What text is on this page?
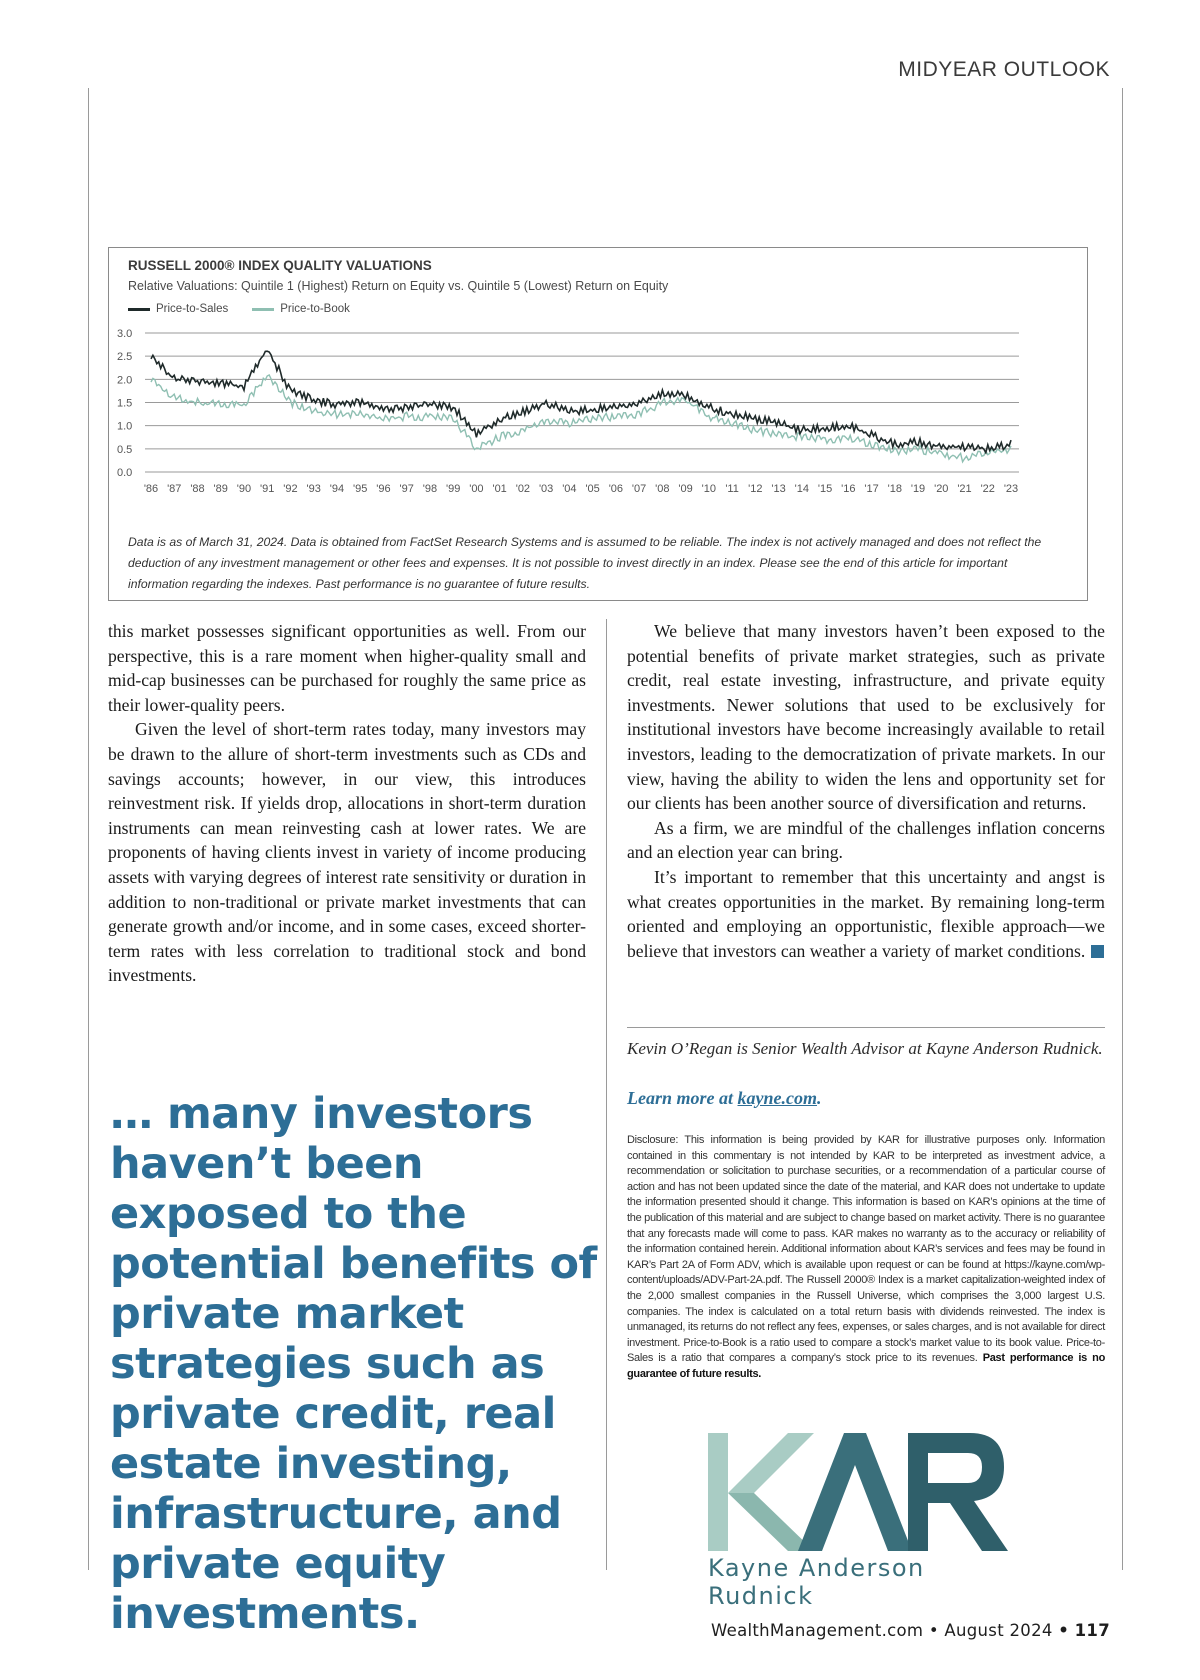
MIDYEAR OUTLOOK
RUSSELL 2000® INDEX QUALITY VALUATIONS
Relative Valuations: Quintile 1 (Highest) Return on Equity vs. Quintile 5 (Lowest) Return on Equity
Price-to-Sales	Price-to-Book
3.0
2.5
2.0
1.5
1.0
0.5
0.0
'86 '87 '88 '89 '90 '91 '92 '93 '94 '95 '96 '97 '98 '99 '00 '01 '02 '03 '04 '05 '06 '07 '08 '09 '10 '11 '12 '13 '14 '15 '16 '17 '18 '19 '20 '21 '22 '23
Data is as of March 31, 2024. Data is obtained from FactSet Research Systems and is assumed to be reliable. The index is not actively managed and does not reflect the deduction of any investment management or other fees and expenses. It is not possible to invest directly in an index. Please see the end of this article for important information regarding the indexes. Past performance is no guarantee of future results.

this market possesses significant opportunities as well. From our perspective, this is a rare moment when higher-quality small and mid-cap businesses can be purchased for roughly the same price as their lower-quality peers.

Given the level of short-term rates today, many investors may be drawn to the allure of short-term investments such as CDs and savings accounts; however, in our view, this introduces reinvestment risk. If yields drop, allocations in short-term duration instruments can mean reinvesting cash at lower rates. We are proponents of having clients invest in variety of income producing assets with varying degrees of interest rate sensitivity or duration in addition to non-traditional or private market investments that can generate growth and/or income, and in some cases, exceed shorter-term rates with less correlation to traditional stock and bond investments.

We believe that many investors haven’t been exposed to the potential benefits of private market strategies, such as private credit, real estate investing, infrastructure, and private equity investments. Newer solutions that used to be exclusively for institutional investors have become increasingly available to retail investors, leading to the democratization of private markets. In our view, having the ability to widen the lens and opportunity set for our clients has been another source of diversification and returns.

As a firm, we are mindful of the challenges inflation concerns and an election year can bring.

It’s important to remember that this uncertainty and angst is what creates opportunities in the market. By remaining long-term oriented and employing an opportunistic, flexible approach—we believe that investors can weather a variety of market conditions.

Kevin O’Regan is Senior Wealth Advisor at Kayne Anderson Rudnick.
Learn more at kayne.com.
Disclosure: This information is being provided by KAR for illustrative purposes only. Information contained in this commentary is not intended by KAR to be interpreted as investment advice, a recommendation or solicitation to purchase securities, or a recommendation of a particular course of action and has not been updated since the date of the material, and KAR does not undertake to update the information presented should it change. This information is based on KAR’s opinions at the time of the publication of this material and are subject to change based on market activity. There is no guarantee that any forecasts made will come to pass. KAR makes no warranty as to the accuracy or reliability of the information contained herein. Additional information about KAR’s services and fees may be found in KAR’s Part 2A of Form ADV, which is available upon request or can be found at https://kayne.com/wp-content/uploads/ADV-Part-2A.pdf. The Russell 2000® Index is a market capitalization-weighted index of the 2,000 smallest companies in the Russell Universe, which comprises the 3,000 largest U.S. companies. The index is calculated on a total return basis with dividends reinvested. The index is unmanaged, its returns do not reflect any fees, expenses, or sales charges, and is not available for direct investment. Price-to-Book is a ratio used to compare a stock’s market value to its book value. Price-to-Sales is a ratio that compares a company’s stock price to its revenues. Past performance is no guarantee of future results.
… many investors haven’t been exposed to the potential benefits of private market strategies such as private credit, real estate investing, infrastructure, and private equity investments.
Kayne Anderson Rudnick
WealthManagement.com • August 2024 • 117
